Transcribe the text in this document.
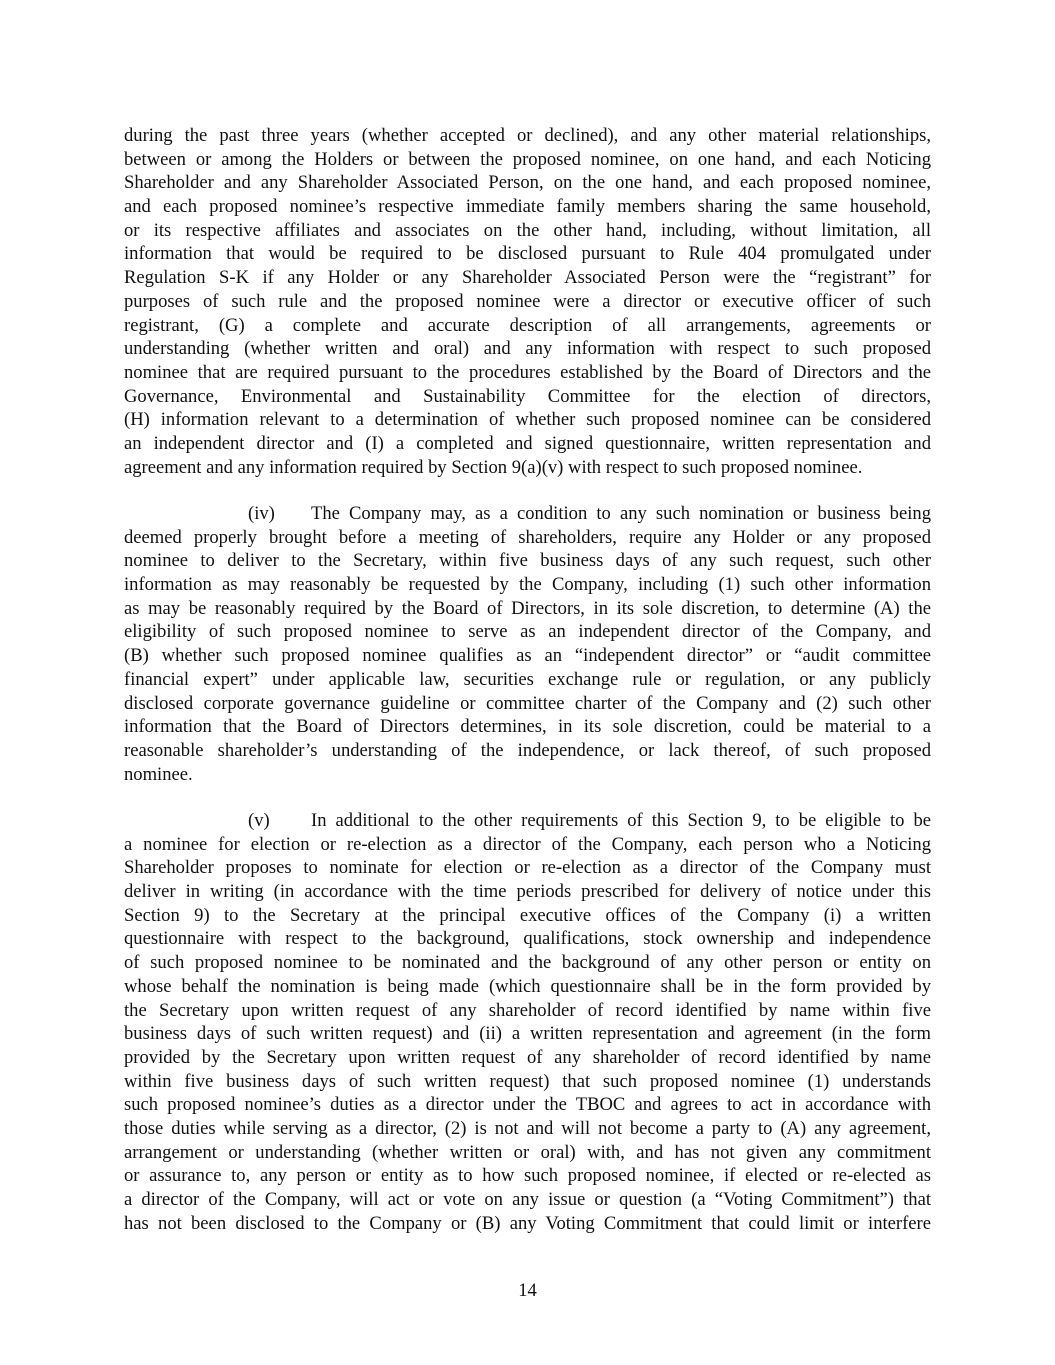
during the past three years (whether accepted or declined), and any other material relationships,
between or among the Holders or between the proposed nominee, on one hand, and each Noticing
Shareholder and any Shareholder Associated Person, on the one hand, and each proposed nominee,
and each proposed nominee’s respective immediate family members sharing the same household,
or its respective affiliates and associates on the other hand, including, without limitation, all
information that would be required to be disclosed pursuant to Rule 404 promulgated under
Regulation S-K if any Holder or any Shareholder Associated Person were the “registrant” for
purposes of such rule and the proposed nominee were a director or executive officer of such
registrant, (G) a complete and accurate description of all arrangements, agreements or
understanding (whether written and oral) and any information with respect to such proposed
nominee that are required pursuant to the procedures established by the Board of Directors and the
Governance, Environmental and Sustainability Committee for the election of directors,
(H) information relevant to a determination of whether such proposed nominee can be considered
an independent director and (I) a completed and signed questionnaire, written representation and
agreement and any information required by Section 9(a)(v) with respect to such proposed nominee.
(iv) The Company may, as a condition to any such nomination or business being
deemed properly brought before a meeting of shareholders, require any Holder or any proposed
nominee to deliver to the Secretary, within five business days of any such request, such other
information as may reasonably be requested by the Company, including (1) such other information
as may be reasonably required by the Board of Directors, in its sole discretion, to determine (A) the
eligibility of such proposed nominee to serve as an independent director of the Company, and
(B) whether such proposed nominee qualifies as an “independent director” or “audit committee
financial expert” under applicable law, securities exchange rule or regulation, or any publicly
disclosed corporate governance guideline or committee charter of the Company and (2) such other
information that the Board of Directors determines, in its sole discretion, could be material to a
reasonable shareholder’s understanding of the independence, or lack thereof, of such proposed
nominee.
(v) In additional to the other requirements of this Section 9, to be eligible to be
a nominee for election or re-election as a director of the Company, each person who a Noticing
Shareholder proposes to nominate for election or re-election as a director of the Company must
deliver in writing (in accordance with the time periods prescribed for delivery of notice under this
Section 9) to the Secretary at the principal executive offices of the Company (i) a written
questionnaire with respect to the background, qualifications, stock ownership and independence
of such proposed nominee to be nominated and the background of any other person or entity on
whose behalf the nomination is being made (which questionnaire shall be in the form provided by
the Secretary upon written request of any shareholder of record identified by name within five
business days of such written request) and (ii) a written representation and agreement (in the form
provided by the Secretary upon written request of any shareholder of record identified by name
within five business days of such written request) that such proposed nominee (1) understands
such proposed nominee’s duties as a director under the TBOC and agrees to act in accordance with
those duties while serving as a director, (2) is not and will not become a party to (A) any agreement,
arrangement or understanding (whether written or oral) with, and has not given any commitment
or assurance to, any person or entity as to how such proposed nominee, if elected or re-elected as
a director of the Company, will act or vote on any issue or question (a “Voting Commitment”) that
has not been disclosed to the Company or (B) any Voting Commitment that could limit or interfere
14
